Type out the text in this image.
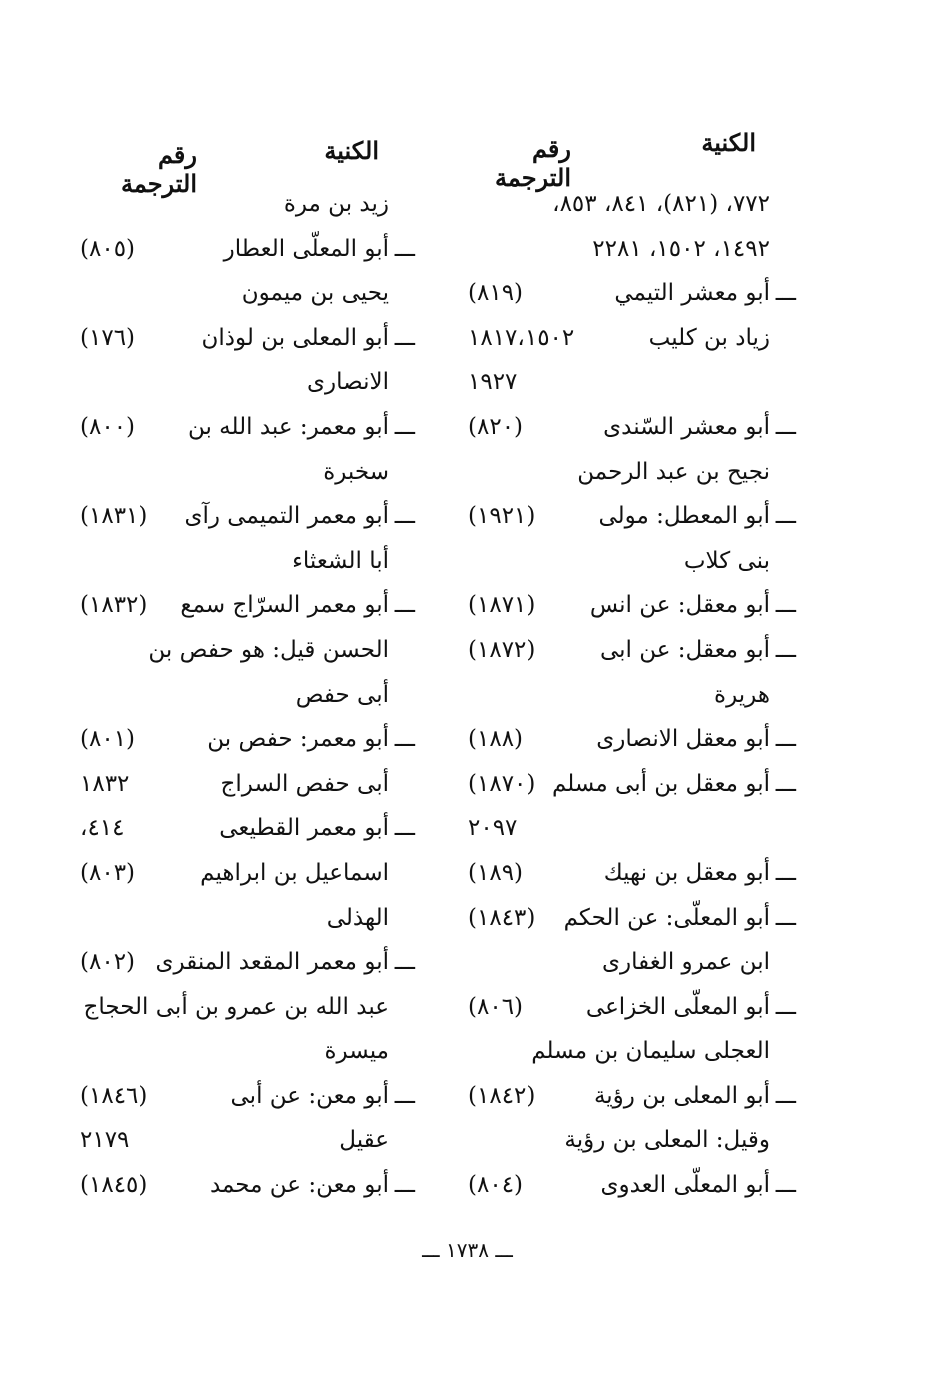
الكنية
رقم الترجمة
٧٧٢، (٨٢١)، ٨٤١، ٨٥٣،
١٤٩٢، ١٥٠٢، ٢٢٨١
ـــأبو معشر التيمي
(٨١٩)
زياد بن كليب
١٨١٧،١٥٠٢
١٩٢٧
ـــأبو معشر السّندى
(٨٢٠)
نجيح بن عبد الرحمن
ـــأبو المعطل: مولى
(١٩٢١)
بنى كلاب
ـــأبو معقل: عن انس
(١٨٧١)
ـــأبو معقل: عن ابى
(١٨٧٢)
هريرة
ـــأبو معقل الانصارى
(١٨٨)
ـــأبو معقل بن أبى مسلم
(١٨٧٠)
٢٠٩٧
ـــأبو معقل بن نهيك
(١٨٩)
ـــأبو المعلّى: عن الحكم
(١٨٤٣)
ابن عمرو الغفارى
ـــأبو المعلّى الخزاعى
(٨٠٦)
العجلى سليمان بن مسلم
ـــأبو المعلى بن رؤية
(١٨٤٢)
وقيل: المعلى بن رؤية
ـــأبو المعلّى العدوى
(٨٠٤)
الكنية
رقم الترجمة
زيد بن مرة
ـــأبو المعلّى العطار
(٨٠٥)
يحيى بن ميمون
ـــأبو المعلى بن لوذان
(١٧٦)
الانصارى
ـــأبو معمر: عبد الله بن
(٨٠٠)
سخبرة
ـــأبو معمر التميمى رآى
(١٨٣١)
أبا الشعثاء
ـــأبو معمر السرّاج سمع
(١٨٣٢)
الحسن قيل: هو حفص بن
أبى حفص
ـــأبو معمر: حفص بن
(٨٠١)
أبى حفص السراج
١٨٣٢
ـــأبو معمر القطيعى
٤١٤،
اسماعيل بن ابراهيم
(٨٠٣)
الهذلى
ـــأبو معمر المقعد المنقرى
(٨٠٢)
عبد الله بن عمرو بن أبى الحجاج
ميسرة
ـــأبو معن: عن أبى
(١٨٤٦)
عقيل
٢١٧٩
ـــأبو معن: عن محمد
(١٨٤٥)
ـــ ١٧٣٨ ـــ
